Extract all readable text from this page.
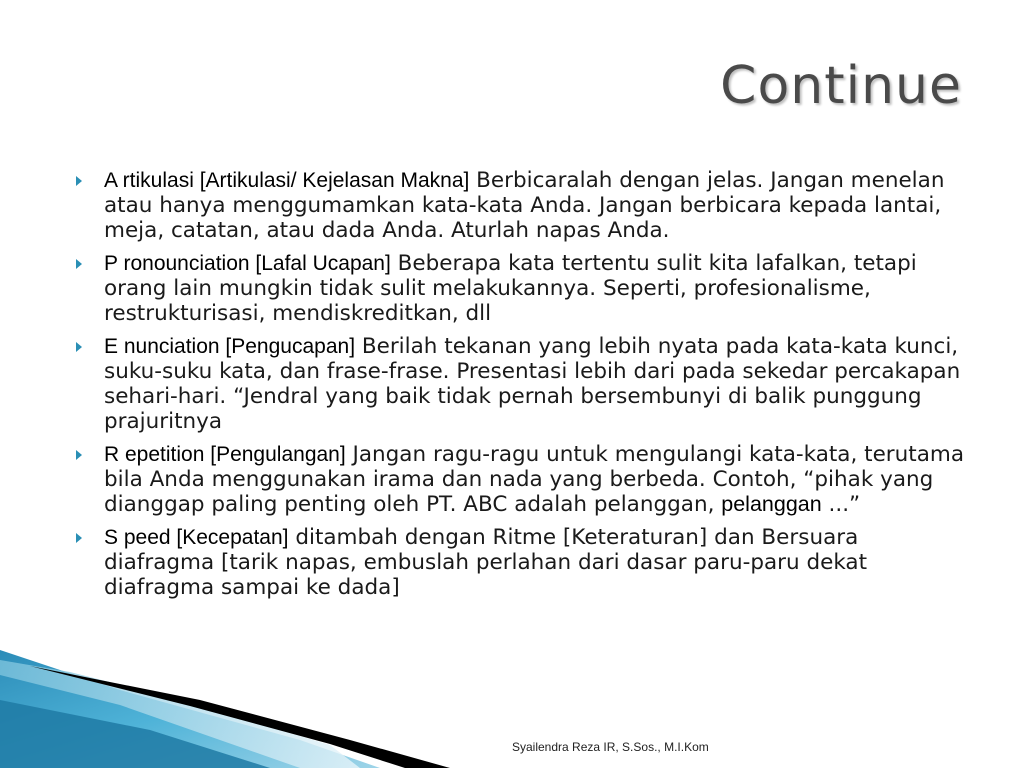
Continue
A rtikulasi [Artikulasi/ Kejelasan Makna] Berbicaralah dengan jelas. Jangan menelan atau hanya menggumamkan kata-kata Anda. Jangan berbicara kepada lantai, meja, catatan, atau dada Anda. Aturlah napas Anda.
P ronounciation [Lafal Ucapan] Beberapa kata tertentu sulit kita lafalkan, tetapi orang lain mungkin tidak sulit melakukannya. Seperti, profesionalisme, restrukturisasi, mendiskreditkan, dll
E nunciation [Pengucapan] Berilah tekanan yang lebih nyata pada kata-kata kunci, suku-suku kata, dan frase-frase. Presentasi lebih dari pada sekedar percakapan sehari-hari. “Jendral yang baik tidak pernah bersembunyi di balik punggung prajuritnya
R epetition [Pengulangan] Jangan ragu-ragu untuk mengulangi kata-kata, terutama bila Anda menggunakan irama dan nada yang berbeda. Contoh, “pihak yang dianggap paling penting oleh PT. ABC adalah pelanggan, pelanggan ...”
S peed [Kecepatan] ditambah dengan Ritme [Keteraturan] dan Bersuara diafragma [tarik napas, embuslah perlahan dari dasar paru-paru dekat diafragma sampai ke dada]
Syailendra Reza IR, S.Sos., M.I.Kom
